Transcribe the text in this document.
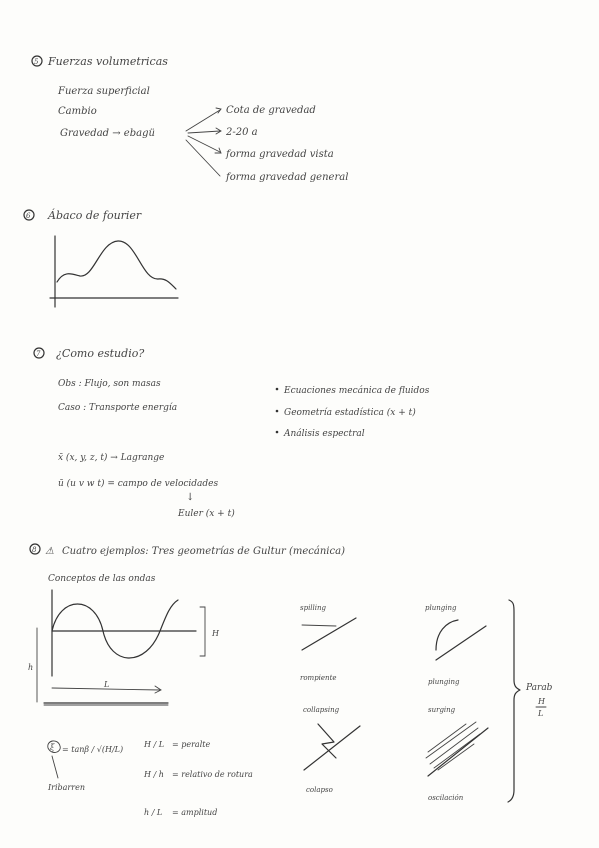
5 Fuerzas volumetricas
Fuerza superficial
Cambio
Gravedad → ebagü
Cota de gravedad
2-20 a
forma gravedad vista
forma gravedad general
6 Ábaco de fourier
7 ¿Como estudio?
Obs : Flujo, son masas
Caso : Transporte energía
Ecuaciones mecánica de fluidos
Geometría estadística (x + t)
Análisis espectral
x̄ (x, y, z, t) → Lagrange
ū (u v w t) = campo de velocidades
↓
Euler (x + t)
8 ⚠ Cuatro ejemplos: Tres geometrías de Gultur (mecánica)
Conceptos de las ondas
H
h
L
ξ = tanβ / √(H/L)
Iribarren
H / L = peralte
H / h = relativo de rotura
h / L = amplitud
spilling
rompiente
plunging
plunging
collapsing
colapso
surging
oscilación
Parab
H
L
